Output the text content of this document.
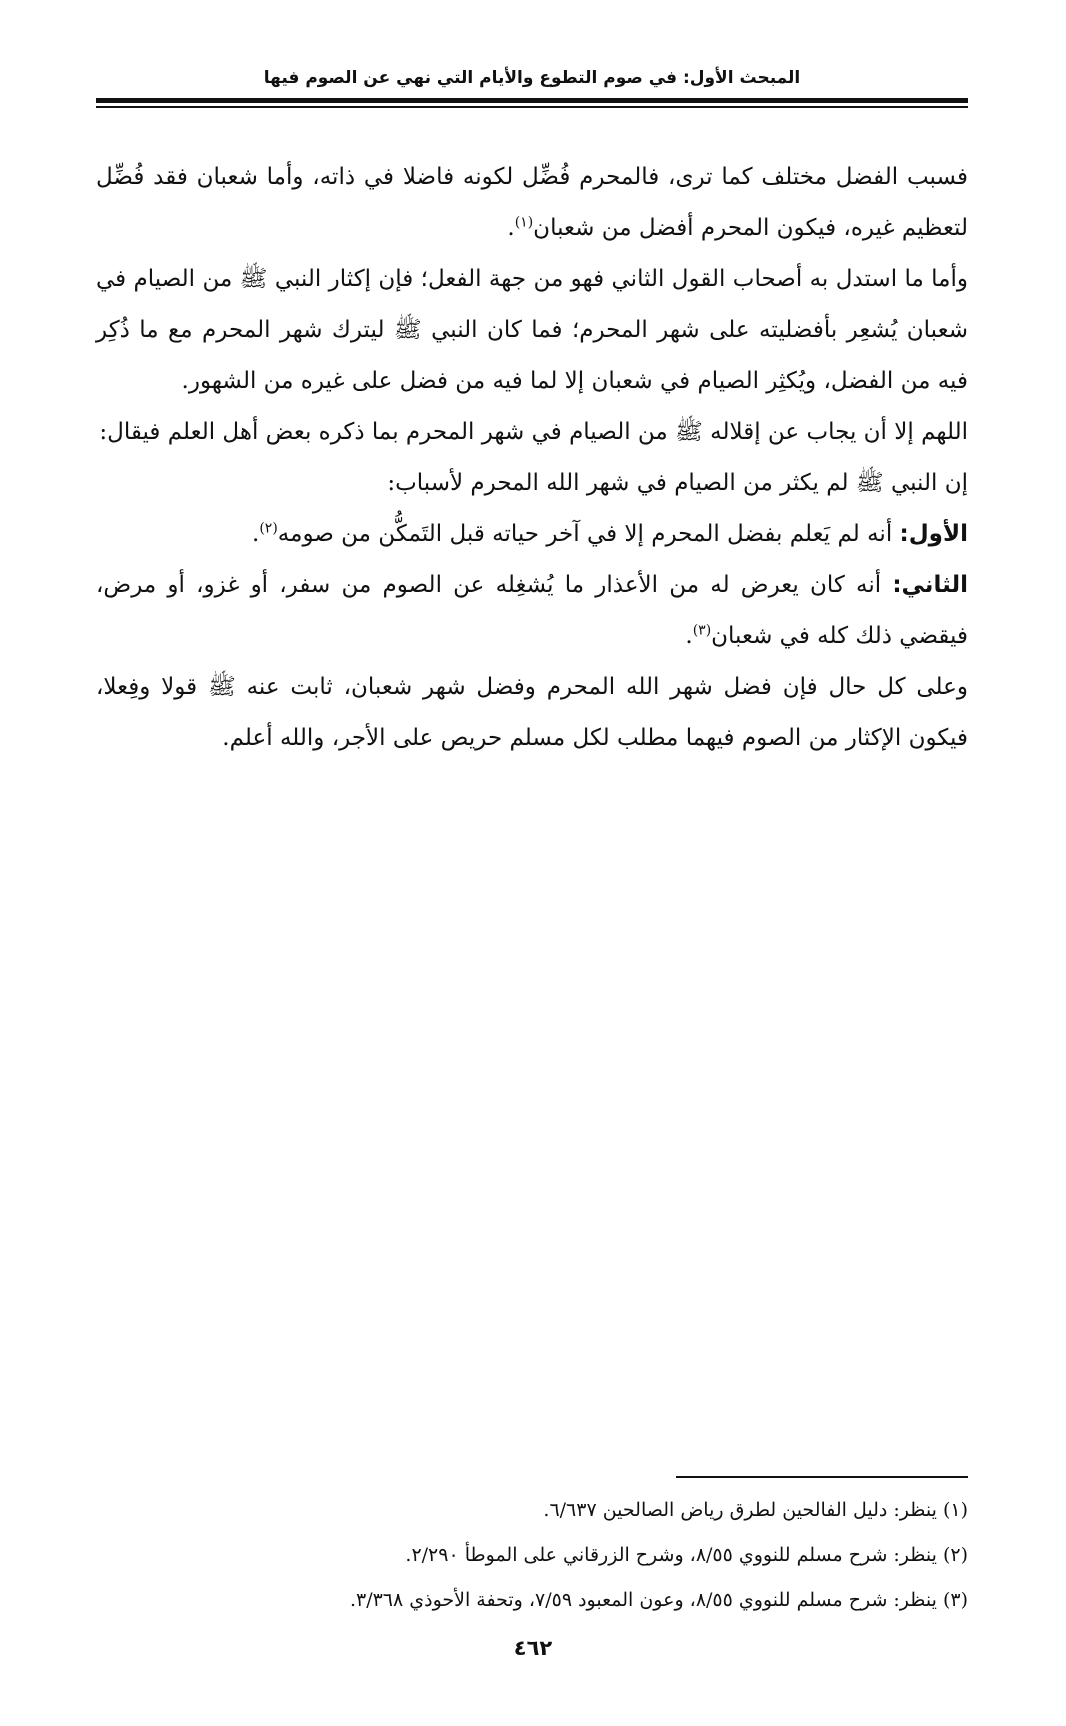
المبحث الأول: في صوم التطوع والأيام التي نهي عن الصوم فيها

فسبب الفضل مختلف كما ترى، فالمحرم فُضِّل لكونه فاضلا في ذاته، وأما شعبان فقد فُضِّل لتعظيم غيره، فيكون المحرم أفضل من شعبان$^{(١)}$.

وأما ما استدل به أصحاب القول الثاني فهو من جهة الفعل؛ فإن إكثار النبي ﷺ من الصيام في شعبان يُشعِر بأفضليته على شهر المحرم؛ فما كان النبي ﷺ ليترك شهر المحرم مع ما ذُكِر فيه من الفضل، ويُكثِر الصيام في شعبان إلا لما فيه من فضل على غيره من الشهور.

اللهم إلا أن يجاب عن إقلاله ﷺ من الصيام في شهر المحرم بما ذكره بعض أهل العلم فيقال:

إن النبي ﷺ لم يكثر من الصيام في شهر الله المحرم لأسباب:

الأول: أنه لم يَعلم بفضل المحرم إلا في آخر حياته قبل التَمكُّن من صومه$^{(٢)}$.

الثاني: أنه كان يعرض له من الأعذار ما يُشغِله عن الصوم من سفر، أو غزو، أو مرض، فيقضي ذلك كله في شعبان$^{(٣)}$.

وعلى كل حال فإن فضل شهر الله المحرم وفضل شهر شعبان، ثابت عنه ﷺ قولا وفِعلا، فيكون الإكثار من الصوم فيهما مطلب لكل مسلم حريص على الأجر، والله أعلم.

(١) ينظر: دليل الفالحين لطرق رياض الصالحين ٦/٦٣٧.

(٢) ينظر: شرح مسلم للنووي ٨/٥٥، وشرح الزرقاني على الموطأ ٢/٢٩٠.

(٣) ينظر: شرح مسلم للنووي ٨/٥٥، وعون المعبود ٧/٥٩، وتحفة الأحوذي ٣/٣٦٨.

٤٦٢
